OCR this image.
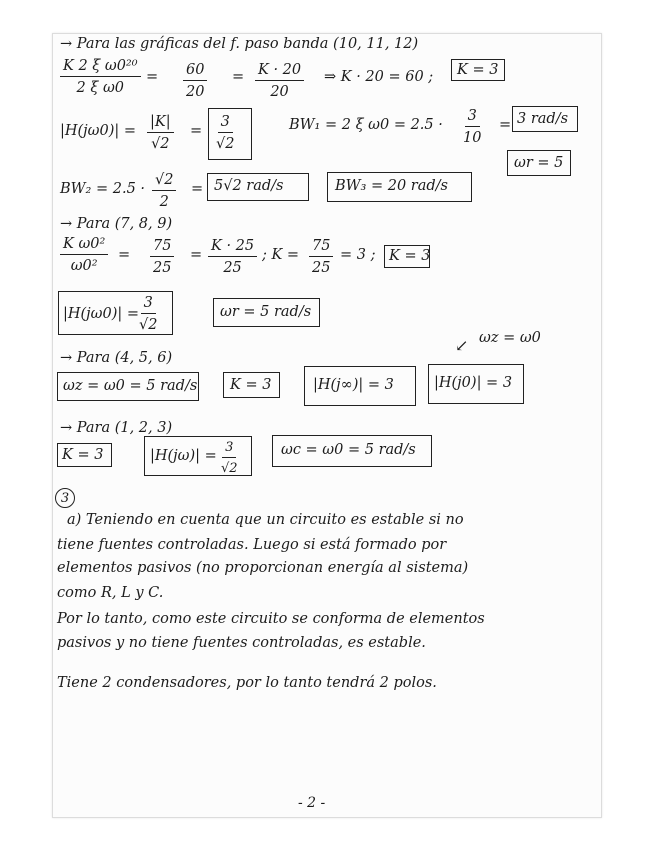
→ Para las gráficas del f. paso banda (10, 11, 12)
$\frac{\text{K 2 ξ ω0²⁰}}{\text{2 ξ ω0}} = \frac{60}{20} = \frac{K \cdot 20}{20}$ ⇒ K · 20 = 60 ; K = 3
$|H(j\omega 0)| = \frac{|K|}{√2} = \frac{3}{√2}$	BW₁ = 2 ξ $\omega 0 = 2.5 \cdot \frac{3}{10} = 3$ rad/s
ωr = 5
$BW_2 = 2.5 \cdot \frac{√2}{2} = 5√2$ rad/s	BW₃ = 20 rad/s
→ Para (7, 8, 9)
$\frac{\text{K ω0²}}{\text{ω0²}} = \frac{75}{25} = \frac{K \cdot 25}{25}$ ; $K = \frac{75}{25} = 3$ ; K = 3
$|H(j\omega 0)| = \frac{3}{√2}$	ωr = 5 rad/s
→ Para (4, 5, 6)
↙ ωz = ω0
ωz = ω0 = 5 rad/s K = 3	|H(j∞)| = 3	|H(j0)| = 3
→ Para (1, 2, 3)
K = 3	$|H(j\omega)| = \frac{3}{√2}$	ωc = ω0 = 5 rad/s
3
a) Teniendo en cuenta que un circuito es estable si no
tiene fuentes controladas. Luego si está formado por
elementos pasivos (no proporcionan energía al sistema)
como R, L y C.
Por lo tanto, como este circuito se conforma de elementos
pasivos y no tiene fuentes controladas, es estable.
Tiene 2 condensadores, por lo tanto tendrá 2 polos.
- 2 -
